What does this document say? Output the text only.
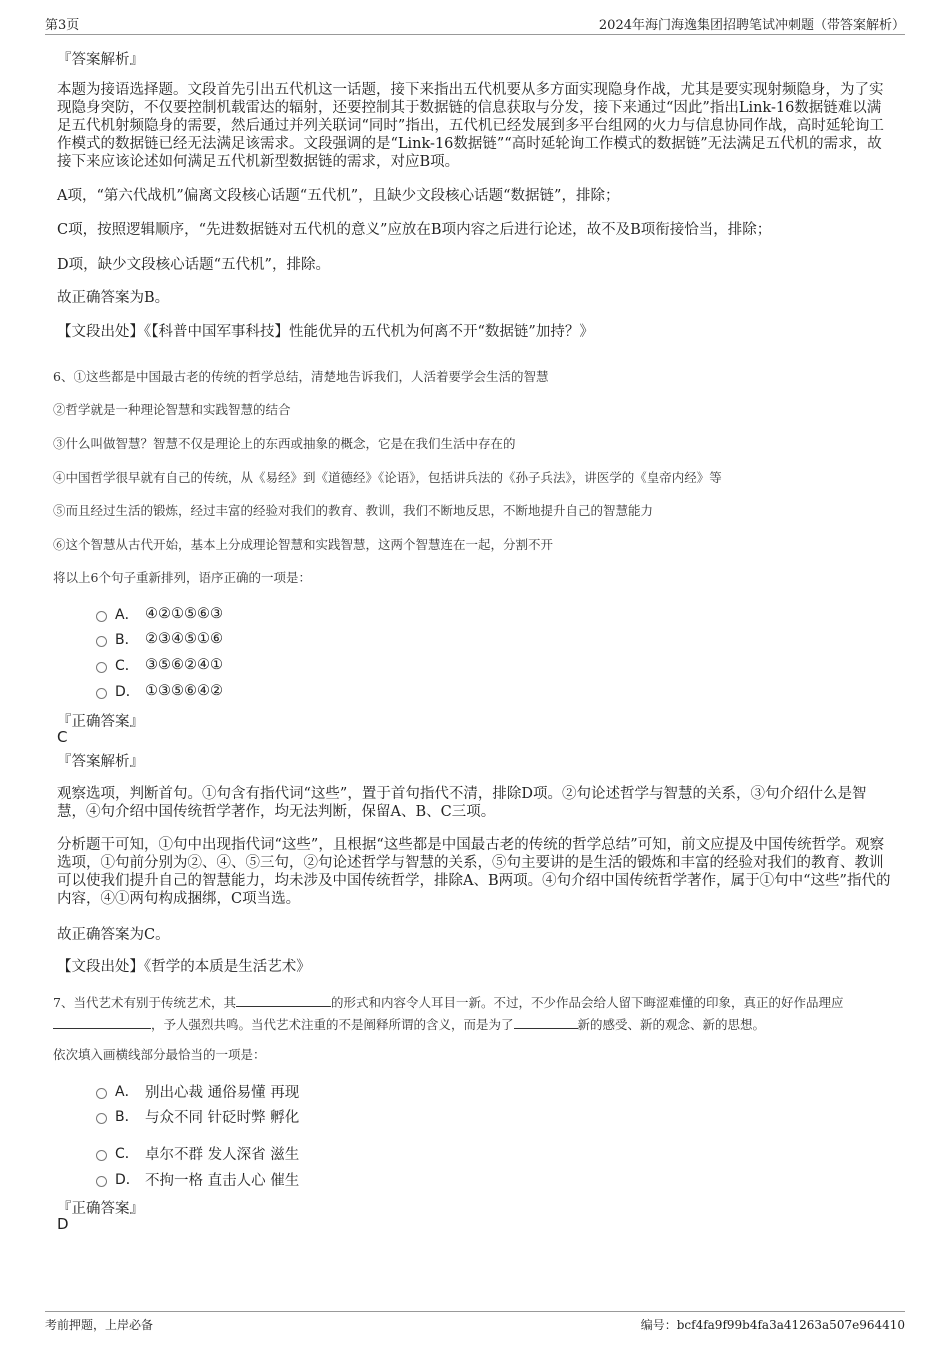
第3页	2024年海门海逸集团招聘笔试冲刺题（带答案解析）
『答案解析』
本题为接语选择题。文段首先引出五代机这一话题，接下来指出五代机要从多方面实现隐身作战，尤其是要实现射频隐身，为了实现隐身突防，不仅要控制机载雷达的辐射，还要控制其于数据链的信息获取与分发，接下来通过“因此”指出Link-16数据链难以满足五代机射频隐身的需要，然后通过并列关联词“同时”指出，五代机已经发展到多平台组网的火力与信息协同作战，高时延轮询工作模式的数据链已经无法满足该需求。文段强调的是“Link-16数据链”“高时延轮询工作模式的数据链”无法满足五代机的需求，故接下来应该论述如何满足五代机新型数据链的需求，对应B项。
A项，“第六代战机”偏离文段核心话题“五代机”，且缺少文段核心话题“数据链”，排除；
C项，按照逻辑顺序，“先进数据链对五代机的意义”应放在B项内容之后进行论述，故不及B项衔接恰当，排除；
D项，缺少文段核心话题“五代机”，排除。
故正确答案为B。
【文段出处】《【科普中国军事科技】性能优异的五代机为何离不开“数据链”加持？》
6、①这些都是中国最古老的传统的哲学总结，清楚地告诉我们，人活着要学会生活的智慧
②哲学就是一种理论智慧和实践智慧的结合
③什么叫做智慧？智慧不仅是理论上的东西或抽象的概念，它是在我们生活中存在的
④中国哲学很早就有自己的传统，从《易经》到《道德经》《论语》，包括讲兵法的《孙子兵法》，讲医学的《皇帝内经》等
⑤而且经过生活的锻炼，经过丰富的经验对我们的教育、教训，我们不断地反思，不断地提升自己的智慧能力
⑥这个智慧从古代开始，基本上分成理论智慧和实践智慧，这两个智慧连在一起，分割不开
将以上6个句子重新排列，语序正确的一项是：
A． ④②①⑤⑥③
B． ②③④⑤①⑥
C． ③⑤⑥②④①
D． ①③⑤⑥④②
『正确答案』
C
『答案解析』
观察选项，判断首句。①句含有指代词“这些”，置于首句指代不清，排除D项。②句论述哲学与智慧的关系，③句介绍什么是智慧，④句介绍中国传统哲学著作，均无法判断，保留A、B、C三项。
分析题干可知，①句中出现指代词“这些”，且根据“这些都是中国最古老的传统的哲学总结”可知，前文应提及中国传统哲学。观察选项，①句前分别为②、④、⑤三句，②句论述哲学与智慧的关系，⑤句主要讲的是生活的锻炼和丰富的经验对我们的教育、教训可以使我们提升自己的智慧能力，均未涉及中国传统哲学，排除A、B两项。④句介绍中国传统哲学著作，属于①句中“这些”指代的内容，④①两句构成捆绑，C项当选。
故正确答案为C。
【文段出处】《哲学的本质是生活艺术》
7、当代艺术有别于传统艺术，其	的形式和内容令人耳目一新。不过，不少作品会给人留下晦涩难懂的印象，真正的好作品理应，予人强烈共鸣。当代艺术注重的不是阐释所谓的含义，而是为了	新的感受、新的观念、新的思想。
依次填入画横线部分最恰当的一项是：
A． 别出心裁 通俗易懂 再现
B． 与众不同 针砭时弊 孵化
C． 卓尔不群 发人深省 滋生
D． 不拘一格 直击人心 催生
『正确答案』
D
考前押题，上岸必备	编号：bcf4fa9f99b4fa3a41263a507e964410
